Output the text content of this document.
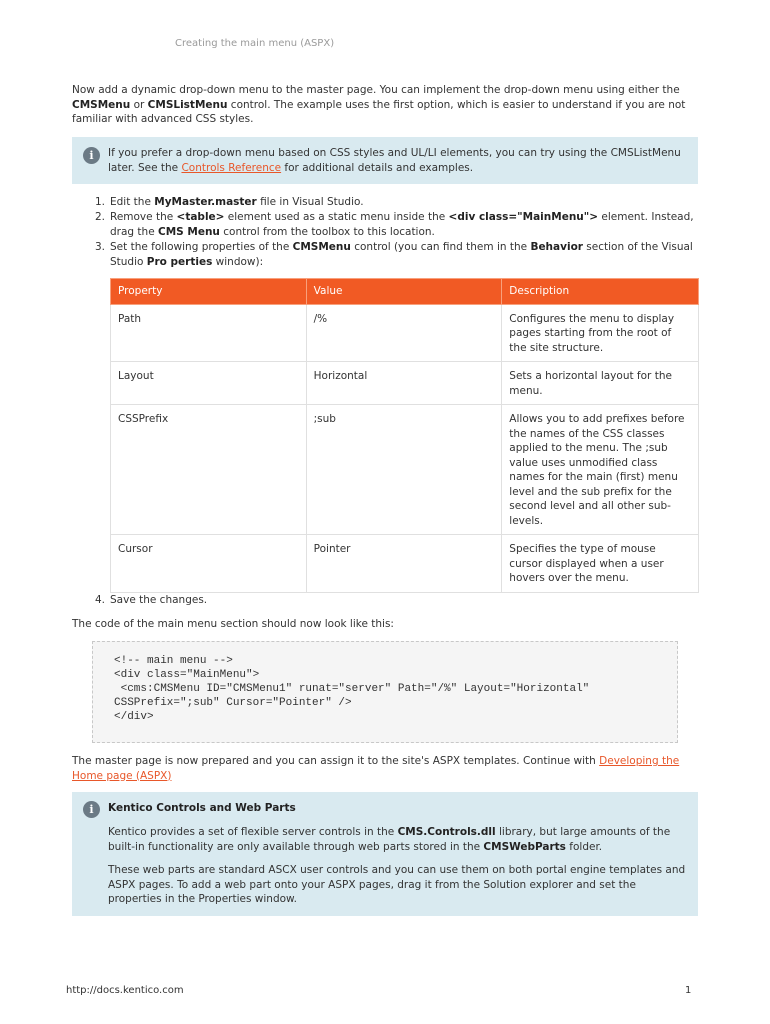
Creating the main menu (ASPX)
Now add a dynamic drop-down menu to the master page. You can implement the drop-down menu using either the CMSMenu or CMSListMenu control. The example uses the first option, which is easier to understand if you are not familiar with advanced CSS styles.
i	If you prefer a drop-down menu based on CSS styles and UL/LI elements, you can try using the CMSListMenu later. See the Controls Reference for additional details and examples.
1. Edit the MyMaster.master file in Visual Studio.
2. Remove the <table> element used as a static menu inside the <div class="MainMenu"> element. Instead, drag the CMS Menu control from the toolbox to this location.
3. Set the following properties of the CMSMenu control (you can find them in the Behavior section of the Visual Studio Pro perties window):
Property	Value	Description
Path	/%	Configures the menu to display pages starting from the root of the site structure.
Layout	Horizontal	Sets a horizontal layout for the menu.
CSSPrefix	;sub	Allows you to add prefixes before the names of the CSS classes applied to the menu. The ;sub value uses unmodified class names for the main (first) menu level and the sub prefix for the second level and all other sub-levels.
Cursor	Pointer	Specifies the type of mouse cursor displayed when a user hovers over the menu.
4. Save the changes.
The code of the main menu section should now look like this:
<!-- main menu -->
<div class="MainMenu">
<cms:CMSMenu ID="CMSMenu1" runat="server" Path="/%" Layout="Horizontal"
CSSPrefix=";sub" Cursor="Pointer" />
</div>
The master page is now prepared and you can assign it to the site's ASPX templates. Continue with Developing the Home page (ASPX)
i	Kentico Controls and Web Parts
Kentico provides a set of flexible server controls in the CMS.Controls.dll library, but large amounts of the built-in functionality are only available through web parts stored in the CMSWebParts folder.
These web parts are standard ASCX user controls and you can use them on both portal engine templates and ASPX pages. To add a web part onto your ASPX pages, drag it from the Solution explorer and set the properties in the Properties window.
http://docs.kentico.com	1
